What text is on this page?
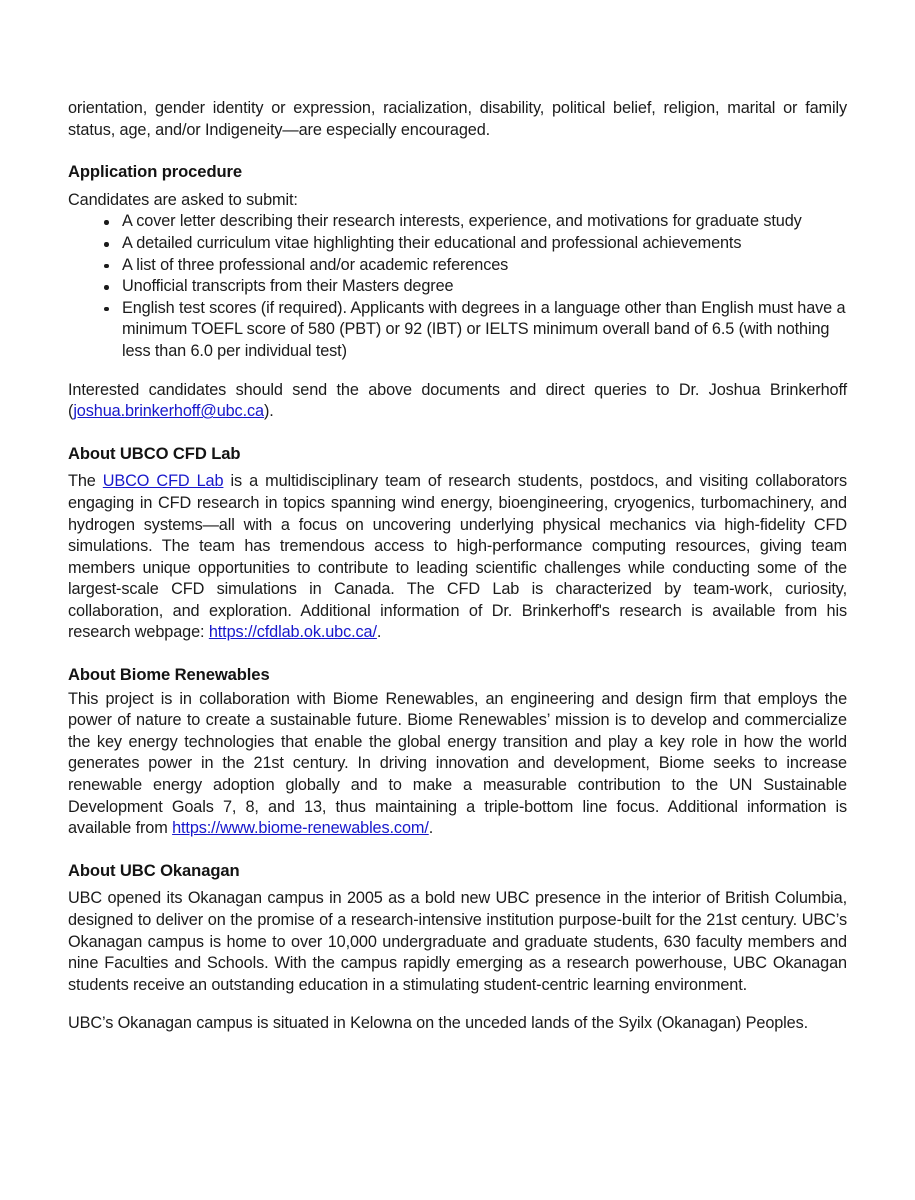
orientation, gender identity or expression, racialization, disability, political belief, religion, marital or family status, age, and/or Indigeneity—are especially encouraged.

Application procedure

Candidates are asked to submit:

A cover letter describing their research interests, experience, and motivations for graduate study
A detailed curriculum vitae highlighting their educational and professional achievements
A list of three professional and/or academic references
Unofficial transcripts from their Masters degree
English test scores (if required). Applicants with degrees in a language other than English must have a minimum TOEFL score of 580 (PBT) or 92 (IBT) or IELTS minimum overall band of 6.5 (with nothing less than 6.0 per individual test)

Interested candidates should send the above documents and direct queries to Dr. Joshua Brinkerhoff (joshua.brinkerhoff@ubc.ca).

About UBCO CFD Lab

The UBCO CFD Lab is a multidisciplinary team of research students, postdocs, and visiting collaborators engaging in CFD research in topics spanning wind energy, bioengineering, cryogenics, turbomachinery, and hydrogen systems—all with a focus on uncovering underlying physical mechanics via high-fidelity CFD simulations. The team has tremendous access to high-performance computing resources, giving team members unique opportunities to contribute to leading scientific challenges while conducting some of the largest-scale CFD simulations in Canada. The CFD Lab is characterized by team-work, curiosity, collaboration, and exploration. Additional information of Dr. Brinkerhoff's research is available from his research webpage: https://cfdlab.ok.ubc.ca/.

About Biome Renewables

This project is in collaboration with Biome Renewables, an engineering and design firm that employs the power of nature to create a sustainable future. Biome Renewables’ mission is to develop and commercialize the key energy technologies that enable the global energy transition and play a key role in how the world generates power in the 21st century. In driving innovation and development, Biome seeks to increase renewable energy adoption globally and to make a measurable contribution to the UN Sustainable Development Goals 7, 8, and 13, thus maintaining a triple-bottom line focus. Additional information is available from https://www.biome-renewables.com/.

About UBC Okanagan

UBC opened its Okanagan campus in 2005 as a bold new UBC presence in the interior of British Columbia, designed to deliver on the promise of a research-intensive institution purpose-built for the 21st century. UBC’s Okanagan campus is home to over 10,000 undergraduate and graduate students, 630 faculty members and nine Faculties and Schools. With the campus rapidly emerging as a research powerhouse, UBC Okanagan students receive an outstanding education in a stimulating student-centric learning environment.

UBC’s Okanagan campus is situated in Kelowna on the unceded lands of the Syilx (Okanagan) Peoples.
